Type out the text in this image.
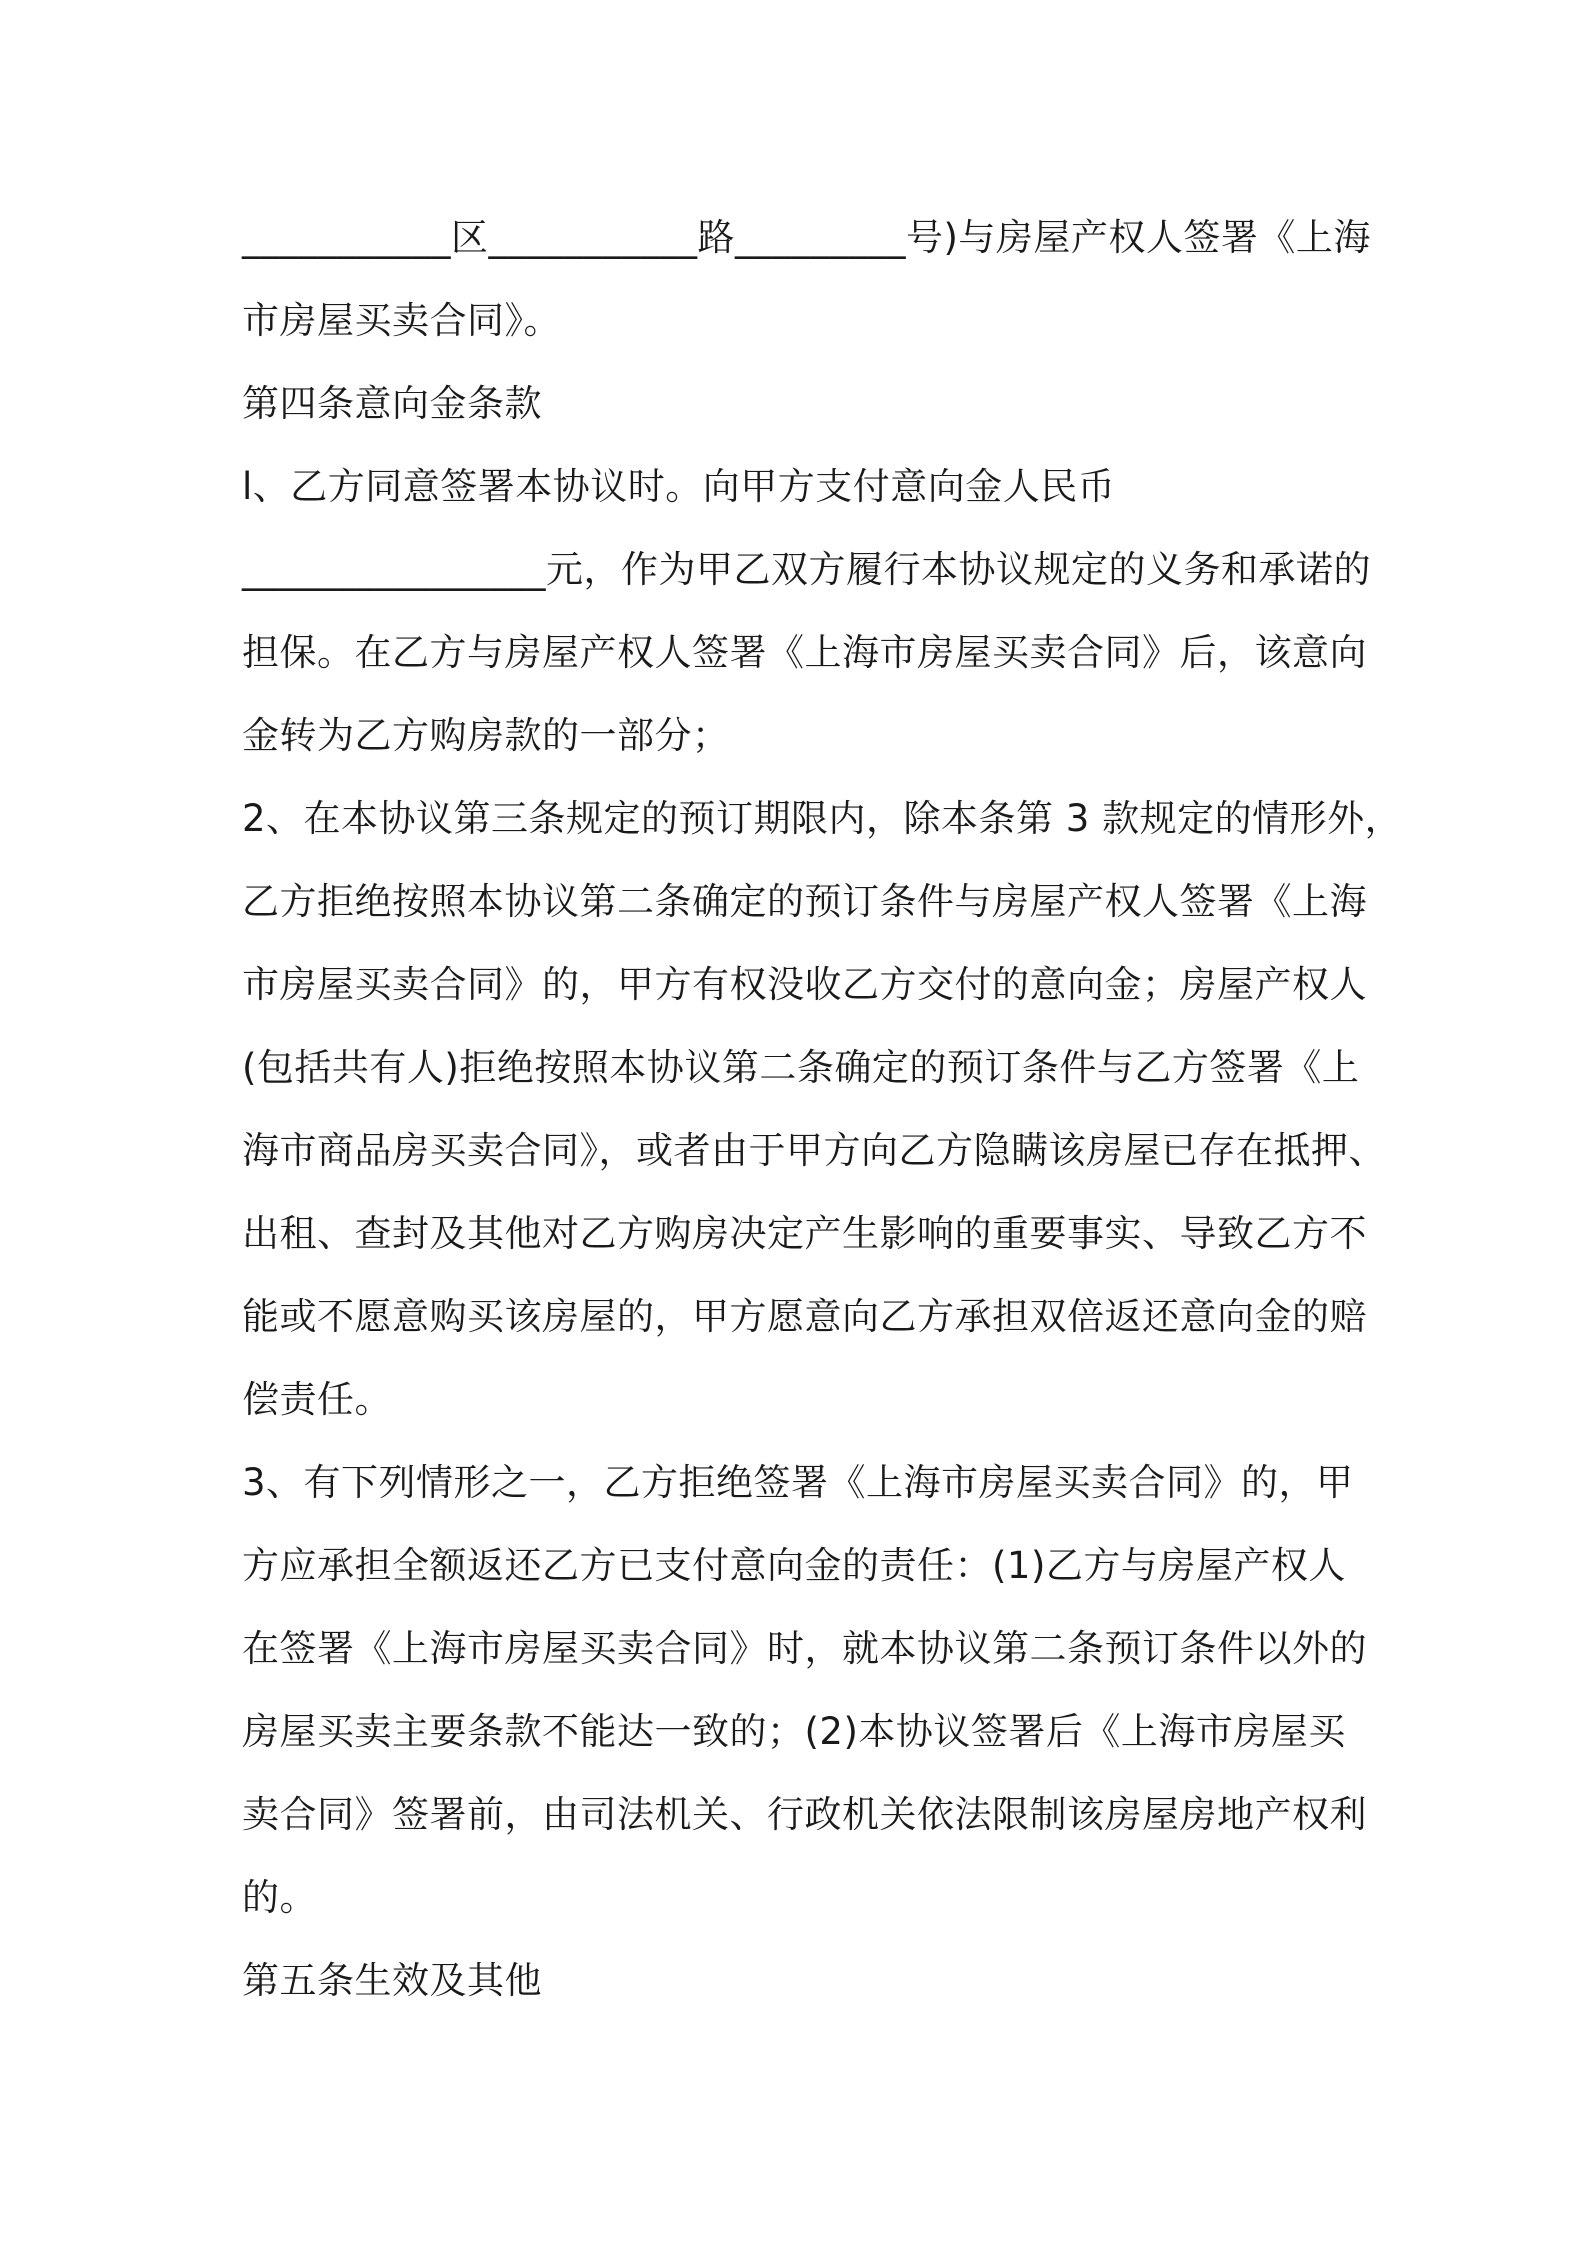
___________区___________路_________号)与房屋产权人签署《上海
市房屋买卖合同》。
第四条意向金条款
l、乙方同意签署本协议时。向甲方支付意向金人民币
________________元，作为甲乙双方履行本协议规定的义务和承诺的
担保。在乙方与房屋产权人签署《上海市房屋买卖合同》后，该意向
金转为乙方购房款的一部分；
2、在本协议第三条规定的预订期限内，除本条第 3 款规定的情形外，
乙方拒绝按照本协议第二条确定的预订条件与房屋产权人签署《上海
市房屋买卖合同》的，甲方有权没收乙方交付的意向金；房屋产权人
(包括共有人)拒绝按照本协议第二条确定的预订条件与乙方签署《上
海市商品房买卖合同》，或者由于甲方向乙方隐瞒该房屋已存在抵押、
出租、查封及其他对乙方购房决定产生影响的重要事实、导致乙方不
能或不愿意购买该房屋的，甲方愿意向乙方承担双倍返还意向金的赔
偿责任。
3、有下列情形之一，乙方拒绝签署《上海市房屋买卖合同》的，甲
方应承担全额返还乙方已支付意向金的责任：(1)乙方与房屋产权人
在签署《上海市房屋买卖合同》时，就本协议第二条预订条件以外的
房屋买卖主要条款不能达一致的；(2)本协议签署后《上海市房屋买
卖合同》签署前，由司法机关、行政机关依法限制该房屋房地产权利
的。
第五条生效及其他
